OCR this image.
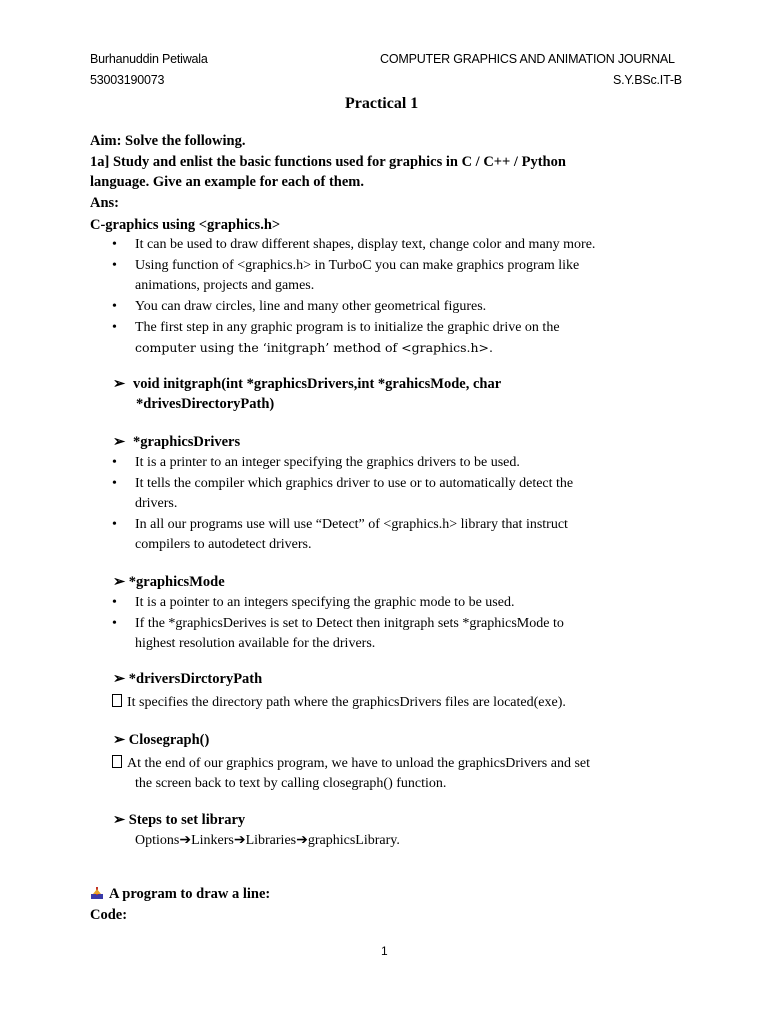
Burhanuddin Petiwala
53003190073
COMPUTER GRAPHICS AND ANIMATION JOURNAL
S.Y.BSc.IT-B
Practical 1
Aim: Solve the following.
1a] Study and enlist the basic functions used for graphics in C / C++ / Python
language. Give an example for each of them.
Ans:
C-graphics using <graphics.h>
• It can be used to draw different shapes, display text, change color and many more.
• Using function of <graphics.h> in TurboC you can make graphics program like
animations, projects and games.
• You can draw circles, line and many other geometrical figures.
• The first step in any graphic program is to initialize the graphic drive on the
computer using the ‘initgraph’ method of <graphics.h>.
➢ void initgraph(int *graphicsDrivers,int *grahicsMode, char
*drivesDirectoryPath)
➢ *graphicsDrivers
• It is a printer to an integer specifying the graphics drivers to be used.
• It tells the compiler which graphics driver to use or to automatically detect the
drivers.
• In all our programs use will use “Detect” of <graphics.h> library that instruct
compilers to autodetect drivers.
➢ *graphicsMode
• It is a pointer to an integers specifying the graphic mode to be used.
• If the *graphicsDerives is set to Detect then initgraph sets *graphicsMode to
highest resolution available for the drivers.
➢ *driversDirctoryPath
It specifies the directory path where the graphicsDrivers files are located(exe).
➢ Closegraph()
At the end of our graphics program, we have to unload the graphicsDrivers and set
the screen back to text by calling closegraph() function.
➢ Steps to set library
Options➔Linkers➔Libraries➔graphicsLibrary.
A program to draw a line:
Code:
1
